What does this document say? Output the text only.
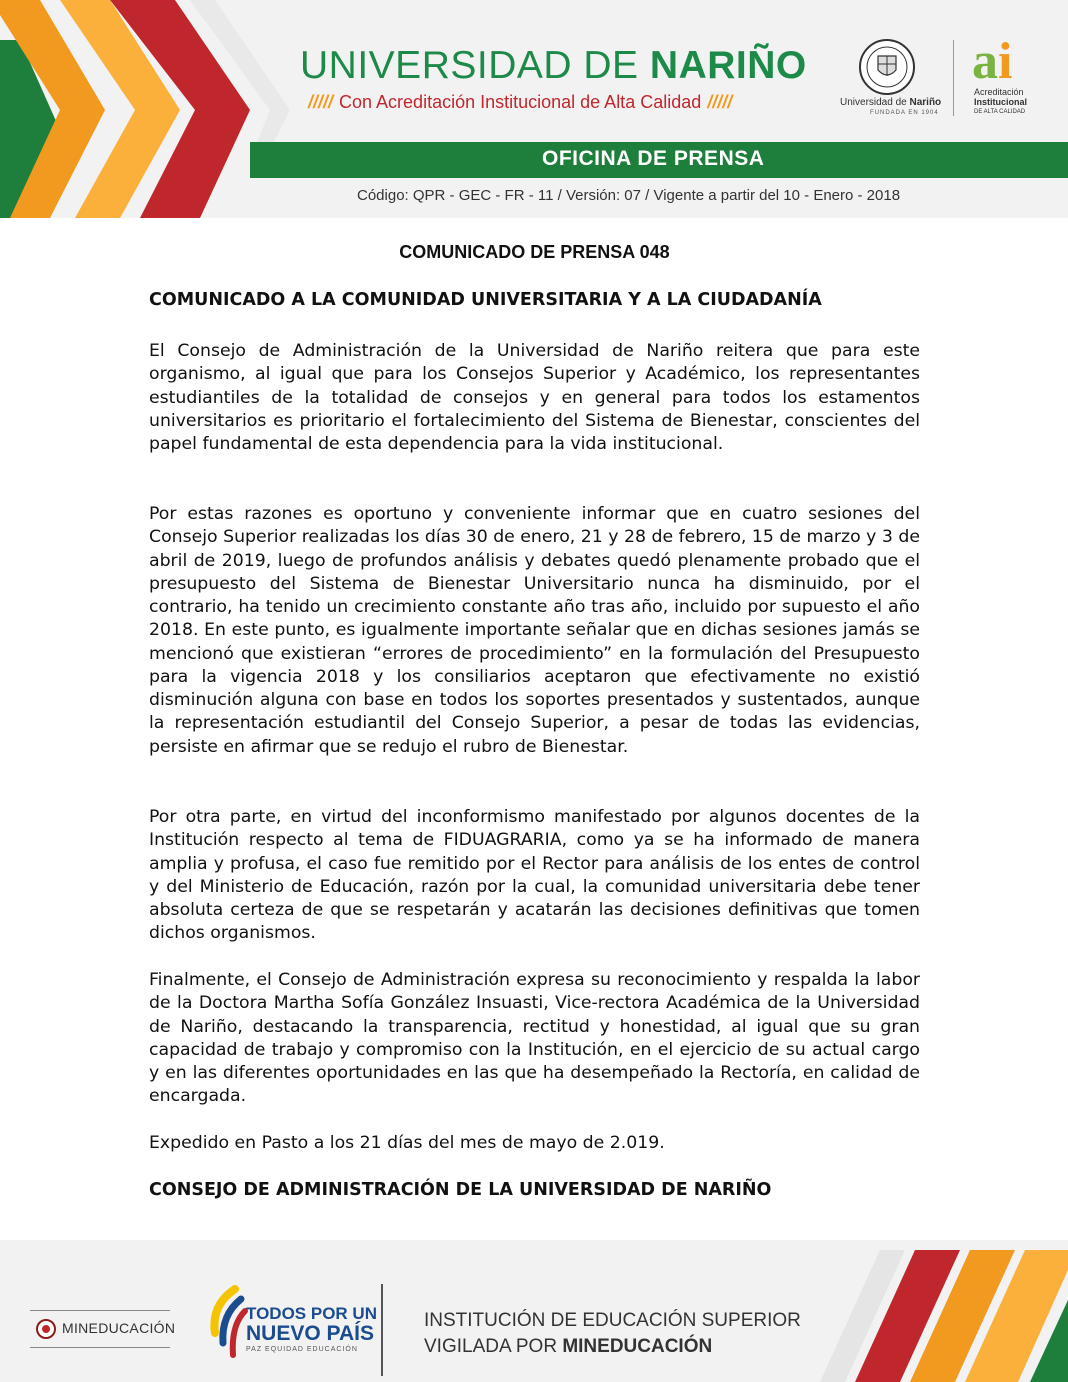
UNIVERSIDAD DE NARIÑO
///// Con Acreditación Institucional de Alta Calidad /////	Universidad de Nariño
FUNDADA EN 1904
ai
Acreditación
Institucional
DE ALTA CALIDAD
OFICINA DE PRENSA
Código: QPR - GEC - FR - 11 / Versión: 07 / Vigente a partir del 10 - Enero - 2018
COMUNICADO DE PRENSA 048
COMUNICADO A LA COMUNIDAD UNIVERSITARIA Y A LA CIUDADANÍA

El Consejo de Administración de la Universidad de Nariño reitera que para este organismo, al igual que para los Consejos Superior y Académico, los representantes estudiantiles de la totalidad de consejos y en general para todos los estamentos universitarios es prioritario el fortalecimiento del Sistema de Bienestar, conscientes del papel fundamental de esta dependencia para la vida institucional.

Por estas razones es oportuno y conveniente informar que en cuatro sesiones del Consejo Superior realizadas los días 30 de enero, 21 y 28 de febrero, 15 de marzo y 3 de abril de 2019, luego de profundos análisis y debates quedó plenamente probado que el presupuesto del Sistema de Bienestar Universitario nunca ha disminuido, por el contrario, ha tenido un crecimiento constante año tras año, incluido por supuesto el año 2018. En este punto, es igualmente importante señalar que en dichas sesiones jamás se mencionó que existieran “errores de procedimiento” en la formulación del Presupuesto para la vigencia 2018 y los consiliarios aceptaron que efectivamente no existió disminución alguna con base en todos los soportes presentados y sustentados, aunque la representación estudiantil del Consejo Superior, a pesar de todas las evidencias, persiste en afirmar que se redujo el rubro de Bienestar.

Por otra parte, en virtud del inconformismo manifestado por algunos docentes de la Institución respecto al tema de FIDUAGRARIA, como ya se ha informado de manera amplia y profusa, el caso fue remitido por el Rector para análisis de los entes de control y del Ministerio de Educación, razón por la cual, la comunidad universitaria debe tener absoluta certeza de que se respetarán y acatarán las decisiones definitivas que tomen dichos organismos.

Finalmente, el Consejo de Administración expresa su reconocimiento y respalda la labor de la Doctora Martha Sofía González Insuasti, Vice-rectora Académica de la Universidad de Nariño, destacando la transparencia, rectitud y honestidad, al igual que su gran capacidad de trabajo y compromiso con la Institución, en el ejercicio de su actual cargo y en las diferentes oportunidades en las que ha desempeñado la Rectoría, en calidad de encargada.

Expedido en Pasto a los 21 días del mes de mayo de 2.019.

CONSEJO DE ADMINISTRACIÓN DE LA UNIVERSIDAD DE NARIÑO
MINEDUCACIÓN
TODOS POR UN
NUEVO PAÍS
PAZ EQUIDAD EDUCACIÓN
INSTITUCIÓN DE EDUCACIÓN SUPERIOR
VIGILADA POR MINEDUCACIÓN
